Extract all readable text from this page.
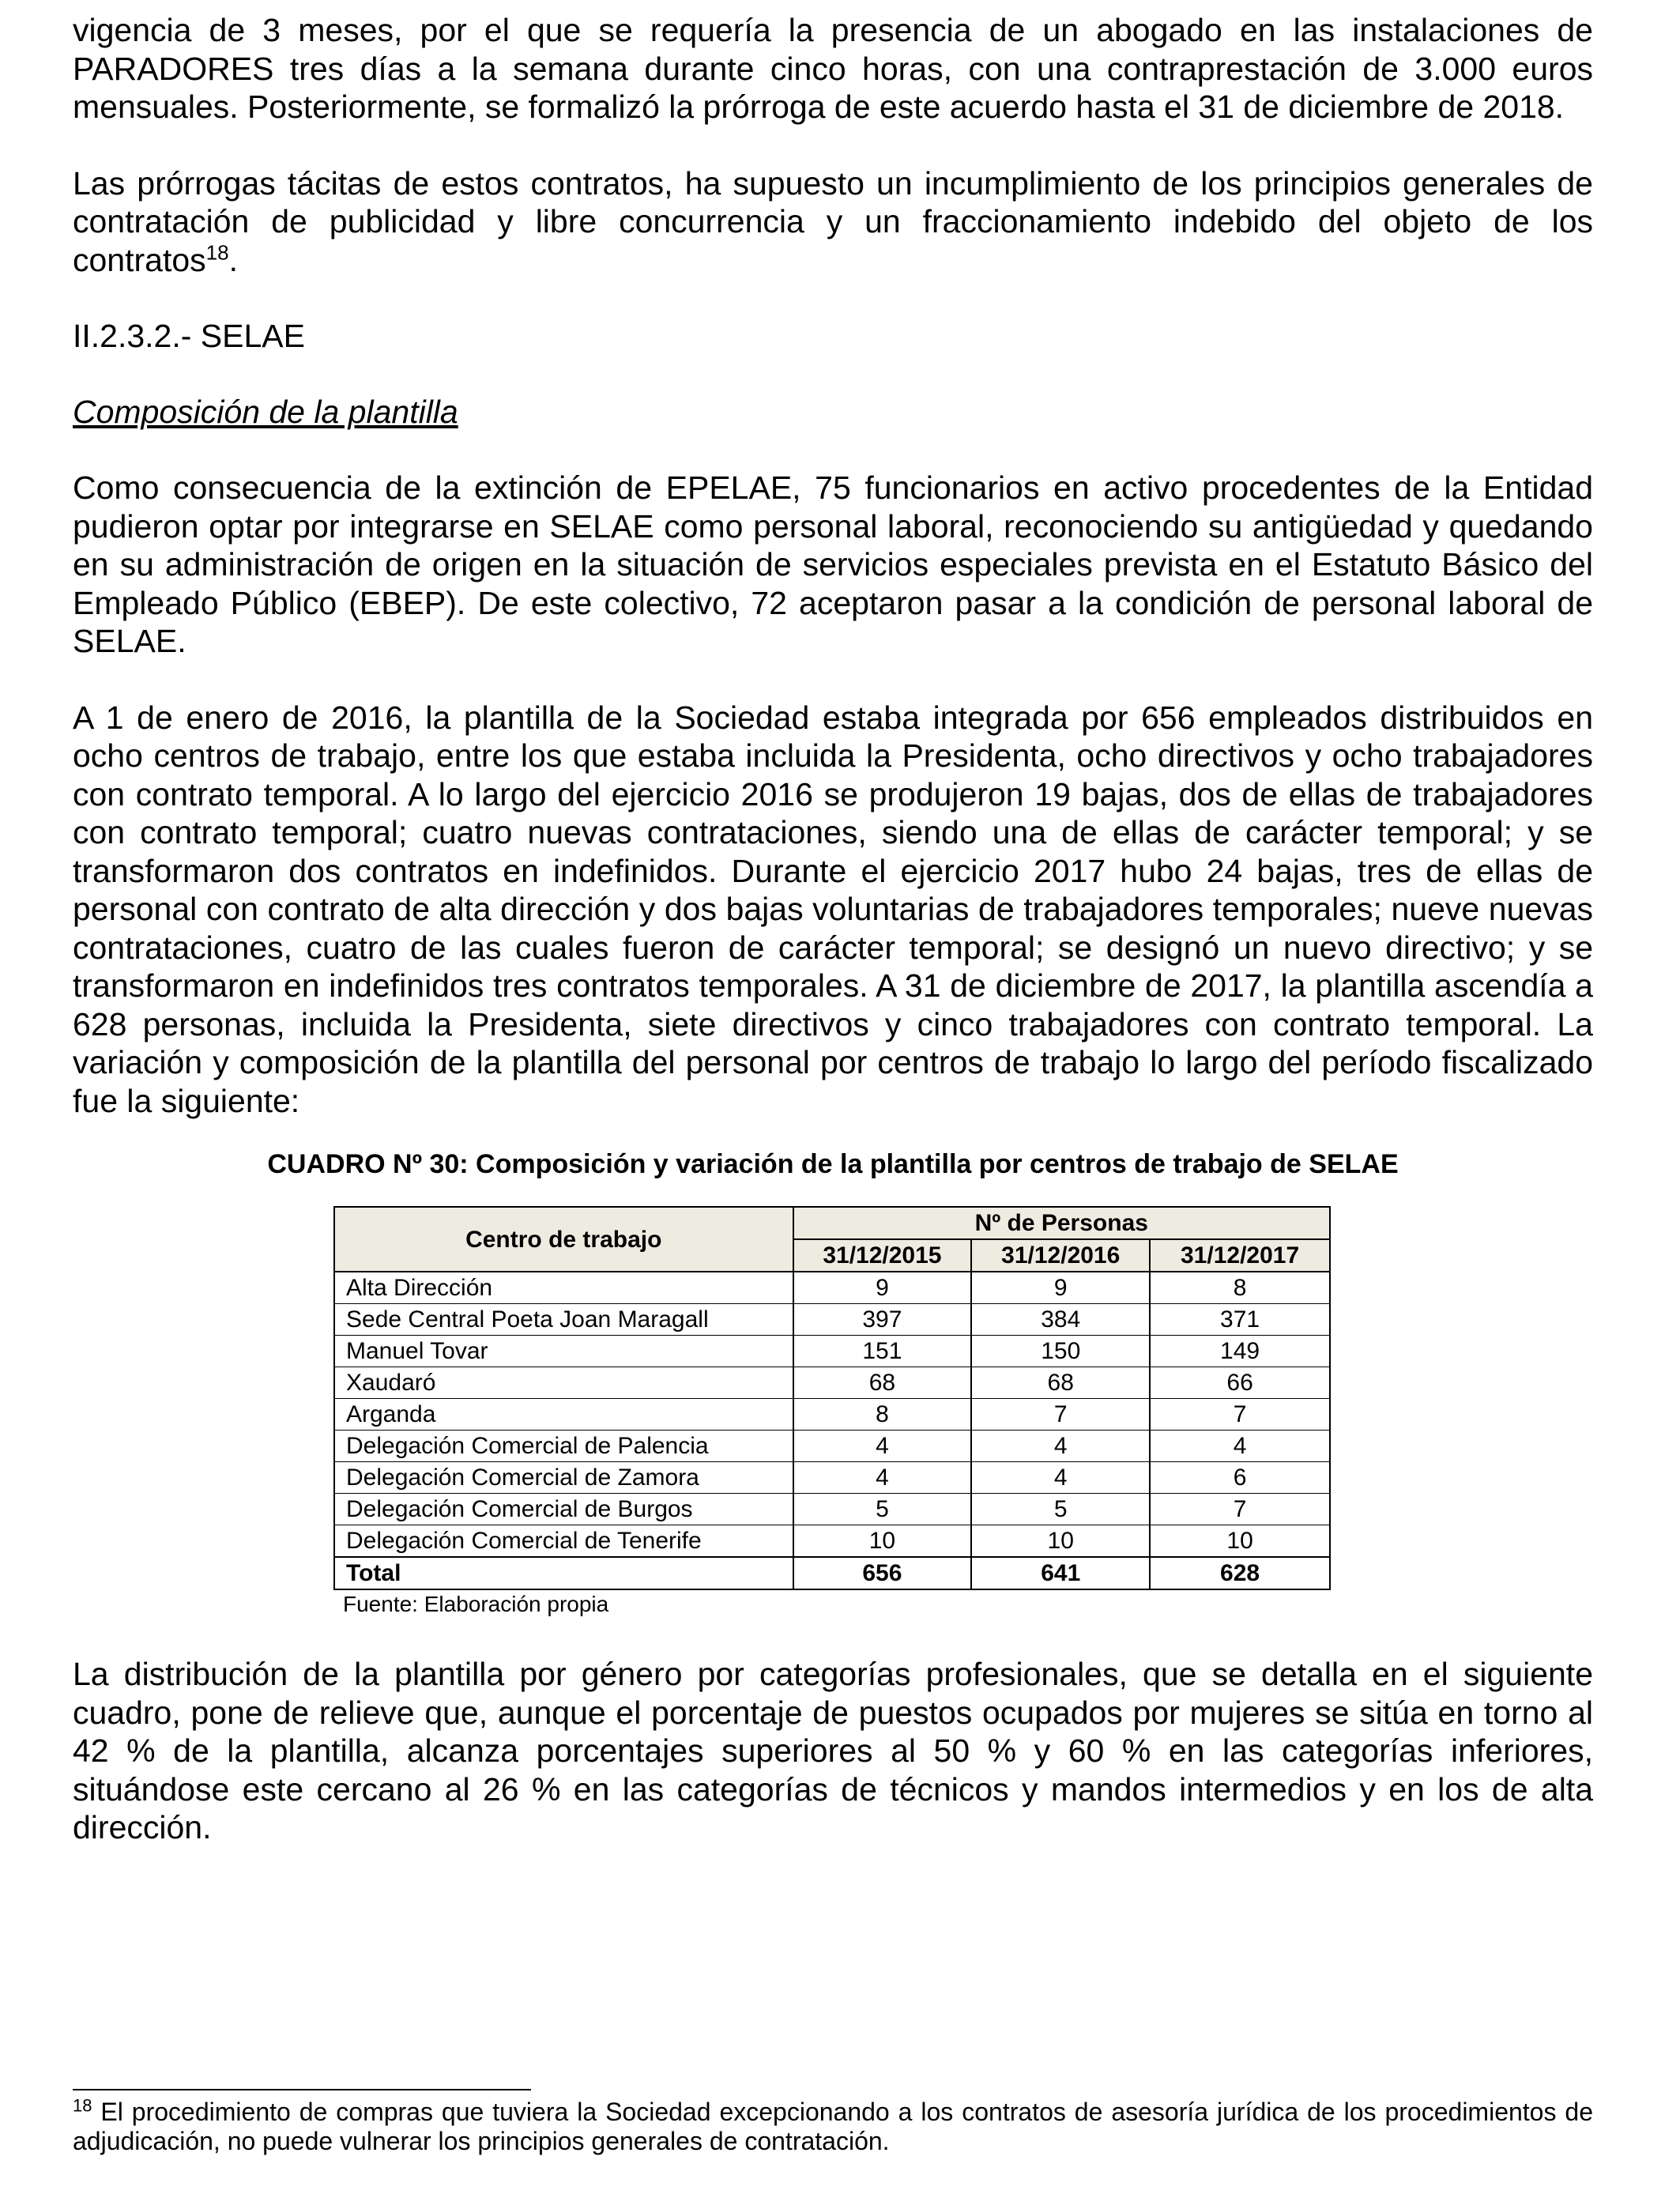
vigencia de 3 meses, por el que se requería la presencia de un abogado en las instalaciones de PARADORES tres días a la semana durante cinco horas, con una contraprestación de 3.000 euros mensuales. Posteriormente, se formalizó la prórroga de este acuerdo hasta el 31 de diciembre de 2018.

Las prórrogas tácitas de estos contratos, ha supuesto un incumplimiento de los principios generales de contratación de publicidad y libre concurrencia y un fraccionamiento indebido del objeto de los contratos$^{18}$.

II.2.3.2.- SELAE

Composición de la plantilla

Como consecuencia de la extinción de EPELAE, 75 funcionarios en activo procedentes de la Entidad pudieron optar por integrarse en SELAE como personal laboral, reconociendo su antigüedad y quedando en su administración de origen en la situación de servicios especiales prevista en el Estatuto Básico del Empleado Público (EBEP). De este colectivo, 72 aceptaron pasar a la condición de personal laboral de SELAE.

A 1 de enero de 2016, la plantilla de la Sociedad estaba integrada por 656 empleados distribuidos en ocho centros de trabajo, entre los que estaba incluida la Presidenta, ocho directivos y ocho trabajadores con contrato temporal. A lo largo del ejercicio 2016 se produjeron 19 bajas, dos de ellas de trabajadores con contrato temporal; cuatro nuevas contrataciones, siendo una de ellas de carácter temporal; y se transformaron dos contratos en indefinidos. Durante el ejercicio 2017 hubo 24 bajas, tres de ellas de personal con contrato de alta dirección y dos bajas voluntarias de trabajadores temporales; nueve nuevas contrataciones, cuatro de las cuales fueron de carácter temporal; se designó un nuevo directivo; y se transformaron en indefinidos tres contratos temporales. A 31 de diciembre de 2017, la plantilla ascendía a 628 personas, incluida la Presidenta, siete directivos y cinco trabajadores con contrato temporal. La variación y composición de la plantilla del personal por centros de trabajo lo largo del período fiscalizado fue la siguiente:

CUADRO Nº 30: Composición y variación de la plantilla por centros de trabajo de SELAE

Centro de trabajo	Nº de Personas		
	31/12/2015	31/12/2016	31/12/2017
Alta Dirección	9	9	8
Sede Central Poeta Joan Maragall	397	384	371
Manuel Tovar	151	150	149
Xaudaró	68	68	66
Arganda	8	7	7
Delegación Comercial de Palencia	4	4	4
Delegación Comercial de Zamora	4	4	6
Delegación Comercial de Burgos	5	5	7
Delegación Comercial de Tenerife	10	10	10
Total	656	641	628

Fuente: Elaboración propia

La distribución de la plantilla por género por categorías profesionales, que se detalla en el siguiente cuadro, pone de relieve que, aunque el porcentaje de puestos ocupados por mujeres se sitúa en torno al 42 % de la plantilla, alcanza porcentajes superiores al 50 % y 60 % en las categorías inferiores, situándose este cercano al 26 % en las categorías de técnicos y mandos intermedios y en los de alta dirección.

$^{18}$ El procedimiento de compras que tuviera la Sociedad excepcionando a los contratos de asesoría jurídica de los procedimientos de adjudicación, no puede vulnerar los principios generales de contratación.
